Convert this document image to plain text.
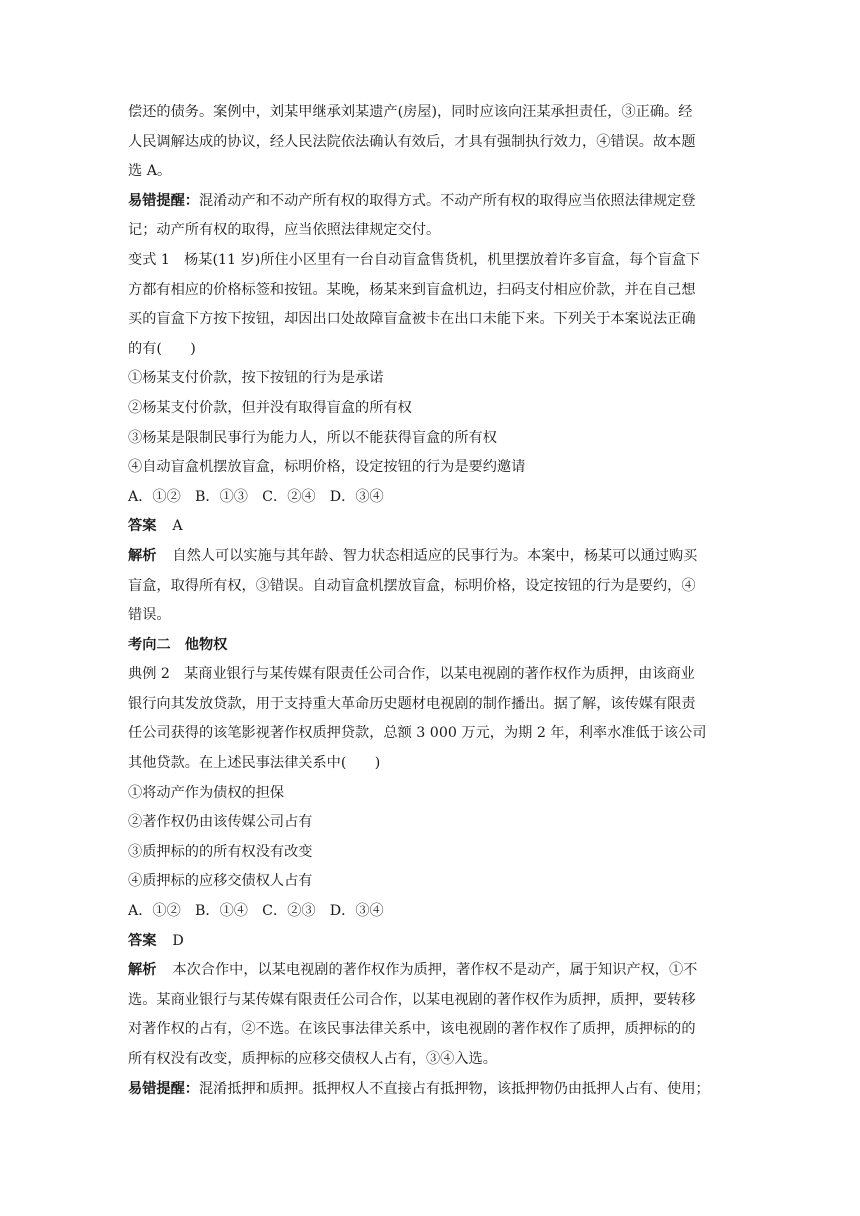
偿还的债务。案例中，刘某甲继承刘某遗产(房屋)，同时应该向汪某承担责任，③正确。经
人民调解达成的协议，经人民法院依法确认有效后，才具有强制执行效力，④错误。故本题
选 A。
易错提醒：混淆动产和不动产所有权的取得方式。不动产所有权的取得应当依照法律规定登
记；动产所有权的取得，应当依照法律规定交付。
变式 1　杨某(11 岁)所住小区里有一台自动盲盒售货机，机里摆放着许多盲盒，每个盲盒下
方都有相应的价格标签和按钮。某晚，杨某来到盲盒机边，扫码支付相应价款，并在自己想
买的盲盒下方按下按钮，却因出口处故障盲盒被卡在出口未能下来。下列关于本案说法正确
的有(　　)
①杨某支付价款，按下按钮的行为是承诺
②杨某支付价款，但并没有取得盲盒的所有权
③杨某是限制民事行为能力人，所以不能获得盲盒的所有权
④自动盲盒机摆放盲盒，标明价格，设定按钮的行为是要约邀请
A．①②　B．①③　C．②④　D．③④
答案 A
解析 自然人可以实施与其年龄、智力状态相适应的民事行为。本案中，杨某可以通过购买
盲盒，取得所有权，③错误。自动盲盒机摆放盲盒，标明价格，设定按钮的行为是要约，④
错误。
考向二　他物权
典例 2　某商业银行与某传媒有限责任公司合作，以某电视剧的著作权作为质押，由该商业
银行向其发放贷款，用于支持重大革命历史题材电视剧的制作播出。据了解，该传媒有限责
任公司获得的该笔影视著作权质押贷款，总额 3 000 万元，为期 2 年，利率水准低于该公司
其他贷款。在上述民事法律关系中(　　)
①将动产作为债权的担保
②著作权仍由该传媒公司占有
③质押标的的所有权没有改变
④质押标的应移交债权人占有
A．①②　B．①④　C．②③　D．③④
答案 D
解析 本次合作中，以某电视剧的著作权作为质押，著作权不是动产，属于知识产权，①不
选。某商业银行与某传媒有限责任公司合作，以某电视剧的著作权作为质押，质押，要转移
对著作权的占有，②不选。在该民事法律关系中，该电视剧的著作权作了质押，质押标的的
所有权没有改变，质押标的应移交债权人占有，③④入选。
易错提醒：混淆抵押和质押。抵押权人不直接占有抵押物，该抵押物仍由抵押人占有、使用；
